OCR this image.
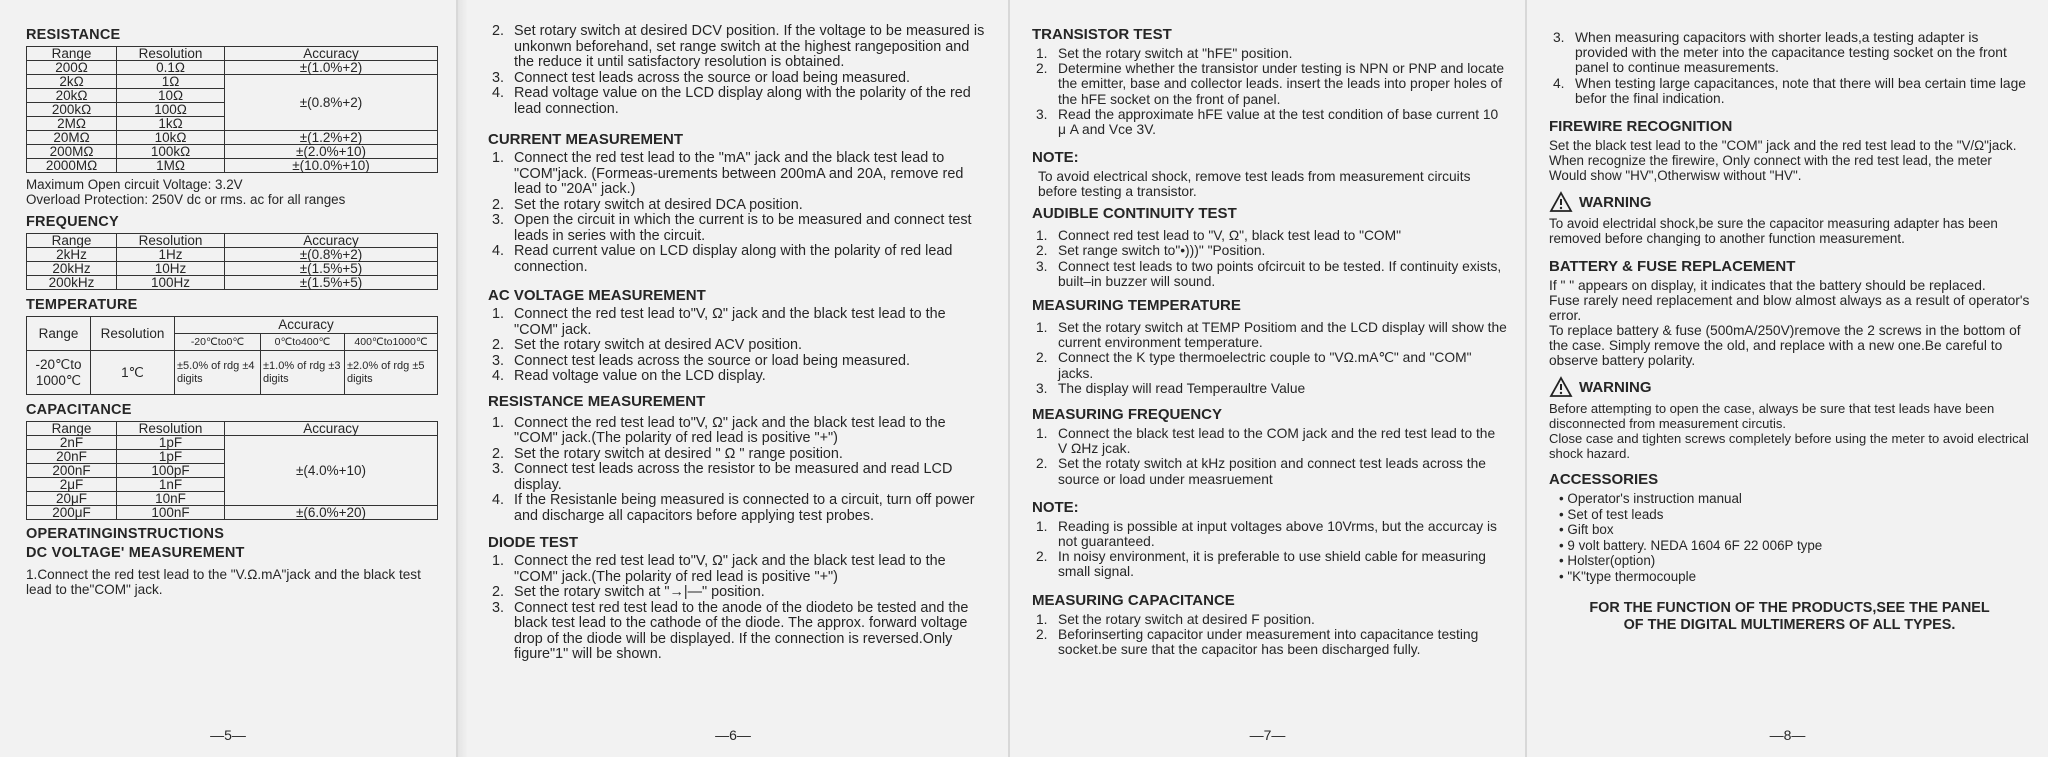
RESISTANCE
Range	Resolution	Accuracy
200Ω	0.1Ω	±(1.0%+2)
2kΩ	1Ω	±(0.8%+2)
20kΩ	10Ω	
200kΩ	100Ω	
2MΩ	1kΩ	
20MΩ	10kΩ	±(1.2%+2)
200MΩ	100kΩ	±(2.0%+10)
2000MΩ	1MΩ	±(10.0%+10)
Maximum Open circuit Voltage: 3.2V
Overload Protection: 250V dc or rms. ac for all ranges
FREQUENCY
Range	Resolution	Accuracy
2kHz	1Hz	±(0.8%+2)
20kHz	10Hz	±(1.5%+5)
200kHz	100Hz	±(1.5%+5)
TEMPERATURE
Range	Resolution	Accuracy		
		-20℃to0℃	0℃to400℃	400℃to1000℃
-20℃to 1000℃	1℃	±5.0% of rdg ±4 digits	±1.0% of rdg ±3 digits	±2.0% of rdg ±5 digits
CAPACITANCE
Range	Resolution	Accuracy
2nF	1pF	±(4.0%+10)
20nF	1pF	
200nF	100pF	
2μF	1nF	
20μF	10nF	
200μF	100nF	±(6.0%+20)
OPERATINGINSTRUCTIONS
DC VOLTAGE' MEASUREMENT
1.Connect the red test lead to the "V.Ω.mA"jack and the black test lead to the"COM" jack.
—5—
2. Set rotary switch at desired DCV position. If the voltage to be measured is unkonwn beforehand, set range switch at the highest rangeposition and the reduce it until satisfactory resolution is obtained.
3. Connect test leads across the source or load being measured.
4. Read voltage value on the LCD display along with the polarity of the red lead connection.
CURRENT MEASUREMENT
1. Connect the red test lead to the "mA" jack and the black test lead to "COM"jack. (Formeas-urements between 200mA and 20A, remove red lead to "20A" jack.)
2. Set the rotary switch at desired DCA position.
3. Open the circuit in which the current is to be measured and connect test leads in series with the circuit.
4. Read current value on LCD display along with the polarity of red lead connection.
AC VOLTAGE MEASUREMENT
1. Connect the red test lead to"V, Ω" jack and the black test lead to the "COM" jack.
2. Set the rotary switch at desired ACV position.
3. Connect test leads across the source or load being measured.
4. Read voltage value on the LCD display.
RESISTANCE MEASUREMENT
1. Connect the red test lead to"V, Ω" jack and the black test lead to the "COM" jack.(The polarity of red lead is positive "+")
2. Set the rotary switch at desired " Ω " range position.
3. Connect test leads across the resistor to be measured and read LCD display.
4. If the Resistanle being measured is connected to a circuit, turn off power and discharge all capacitors before applying test probes.
DIODE TEST
1. Connect the red test lead to"V, Ω" jack and the black test lead to the "COM" jack.(The polarity of red lead is positive "+")
2. Set the rotary switch at "→|—" position.
3. Connect test red test lead to the anode of the diodeto be tested and the black test lead to the cathode of the diode. The approx. forward voltage drop of the diode will be displayed. If the connection is reversed.Only figure"1" will be shown.
—6—
TRANSISTOR TEST
1. Set the rotary switch at "hFE" position.
2. Determine whether the transistor under testing is NPN or PNP and locate the emitter, base and collector leads. insert the leads into proper holes of the hFE socket on the front of panel.
3. Read the approximate hFE value at the test condition of base current 10 μ A and Vce 3V.
NOTE:
To avoid electrical shock, remove test leads from measurement circuits before testing a transistor.
AUDIBLE CONTINUITY TEST
1. Connect red test lead to "V, Ω", black test lead to "COM"
2. Set range switch to"•)))" "Position.
3. Connect test leads to two points ofcircuit to be tested. If continuity exists, built–in buzzer will sound.
MEASURING TEMPERATURE
1. Set the rotary switch at TEMP Positiom and the LCD display will show the current environment temperature.
2. Connect the K type thermoelectric couple to "VΩ.mA℃" and "COM" jacks.
3. The display will read Temperaultre Value
MEASURING FREQUENCY
1. Connect the black test lead to the COM jack and the red test lead to the V ΩHz jcak.
2. Set the rotaty switch at kHz position and connect test leads across the source or load under measruement
NOTE:
1. Reading is possible at input voltages above 10Vrms, but the accurcay is not guaranteed.
2. In noisy environment, it is preferable to use shield cable for measuring small signal.
MEASURING CAPACITANCE
1. Set the rotary switch at desired F position.
2. Beforinserting capacitor under measurement into capacitance testing socket.be sure that the capacitor has been discharged fully.
—7—
3. When measuring capacitors with shorter leads,a testing adapter is provided with the meter into the capacitance testing socket on the front panel to continue measurements.
4. When testing large capacitances, note that there will bea certain time lage befor the final indication.
FIREWIRE RECOGNITION
Set the black test lead to the "COM" jack and the red test lead to the "V/Ω"jack. When recognize the firewire, Only connect with the red test lead, the meter Would show "HV",Otherwisw without "HV".
WARNING
To avoid electridal shock,be sure the capacitor measuring adapter has been removed before changing to another function measurement.
BATTERY & FUSE REPLACEMENT
If " " appears on display, it indicates that the battery should be replaced.
Fuse rarely need replacement and blow almost always as a result of operator's error.
To replace battery & fuse (500mA/250V)remove the 2 screws in the bottom of the case. Simply remove the old, and replace with a new one.Be careful to observe battery polarity.
WARNING
Before attempting to open the case, always be sure that test leads have been disconnected from measurement circutis.
Close case and tighten screws completely before using the meter to avoid electrical shock hazard.
ACCESSORIES
• Operator's instruction manual
• Set of test leads
• Gift box
• 9 volt battery. NEDA 1604 6F 22 006P type
• Holster(option)
• "K"type thermocouple
FOR THE FUNCTION OF THE PRODUCTS,SEE THE PANEL
OF THE DIGITAL MULTIMERERS OF ALL TYPES.
—8—
